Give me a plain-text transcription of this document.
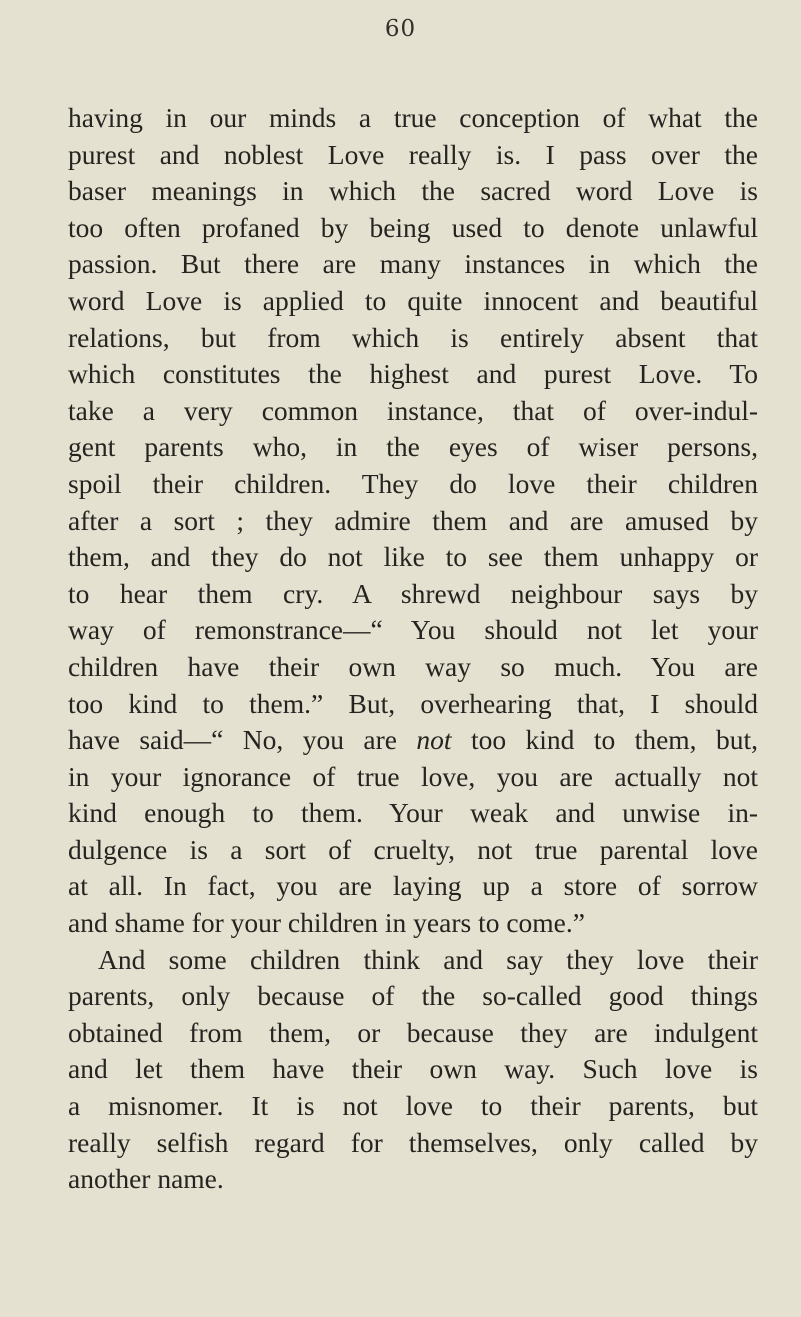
60
having in our minds a true conception of what the
purest and noblest Love really is. I pass over the
baser meanings in which the sacred word Love is
too often profaned by being used to denote unlawful
passion. But there are many instances in which the
word Love is applied to quite innocent and beautiful
relations, but from which is entirely absent that
which constitutes the highest and purest Love. To
take a very common instance, that of over-indul-
gent parents who, in the eyes of wiser persons,
spoil their children. They do love their children
after a sort ; they admire them and are amused by
them, and they do not like to see them unhappy or
to hear them cry. A shrewd neighbour says by
way of remonstrance—“ You should not let your
children have their own way so much. You are
too kind to them.” But, overhearing that, I should
have said—“ No, you are not too kind to them, but,
in your ignorance of true love, you are actually not
kind enough to them. Your weak and unwise in-
dulgence is a sort of cruelty, not true parental love
at all. In fact, you are laying up a store of sorrow
and shame for your children in years to come.”
And some children think and say they love their
parents, only because of the so-called good things
obtained from them, or because they are indulgent
and let them have their own way. Such love is
a misnomer. It is not love to their parents, but
really selfish regard for themselves, only called by
another name.
